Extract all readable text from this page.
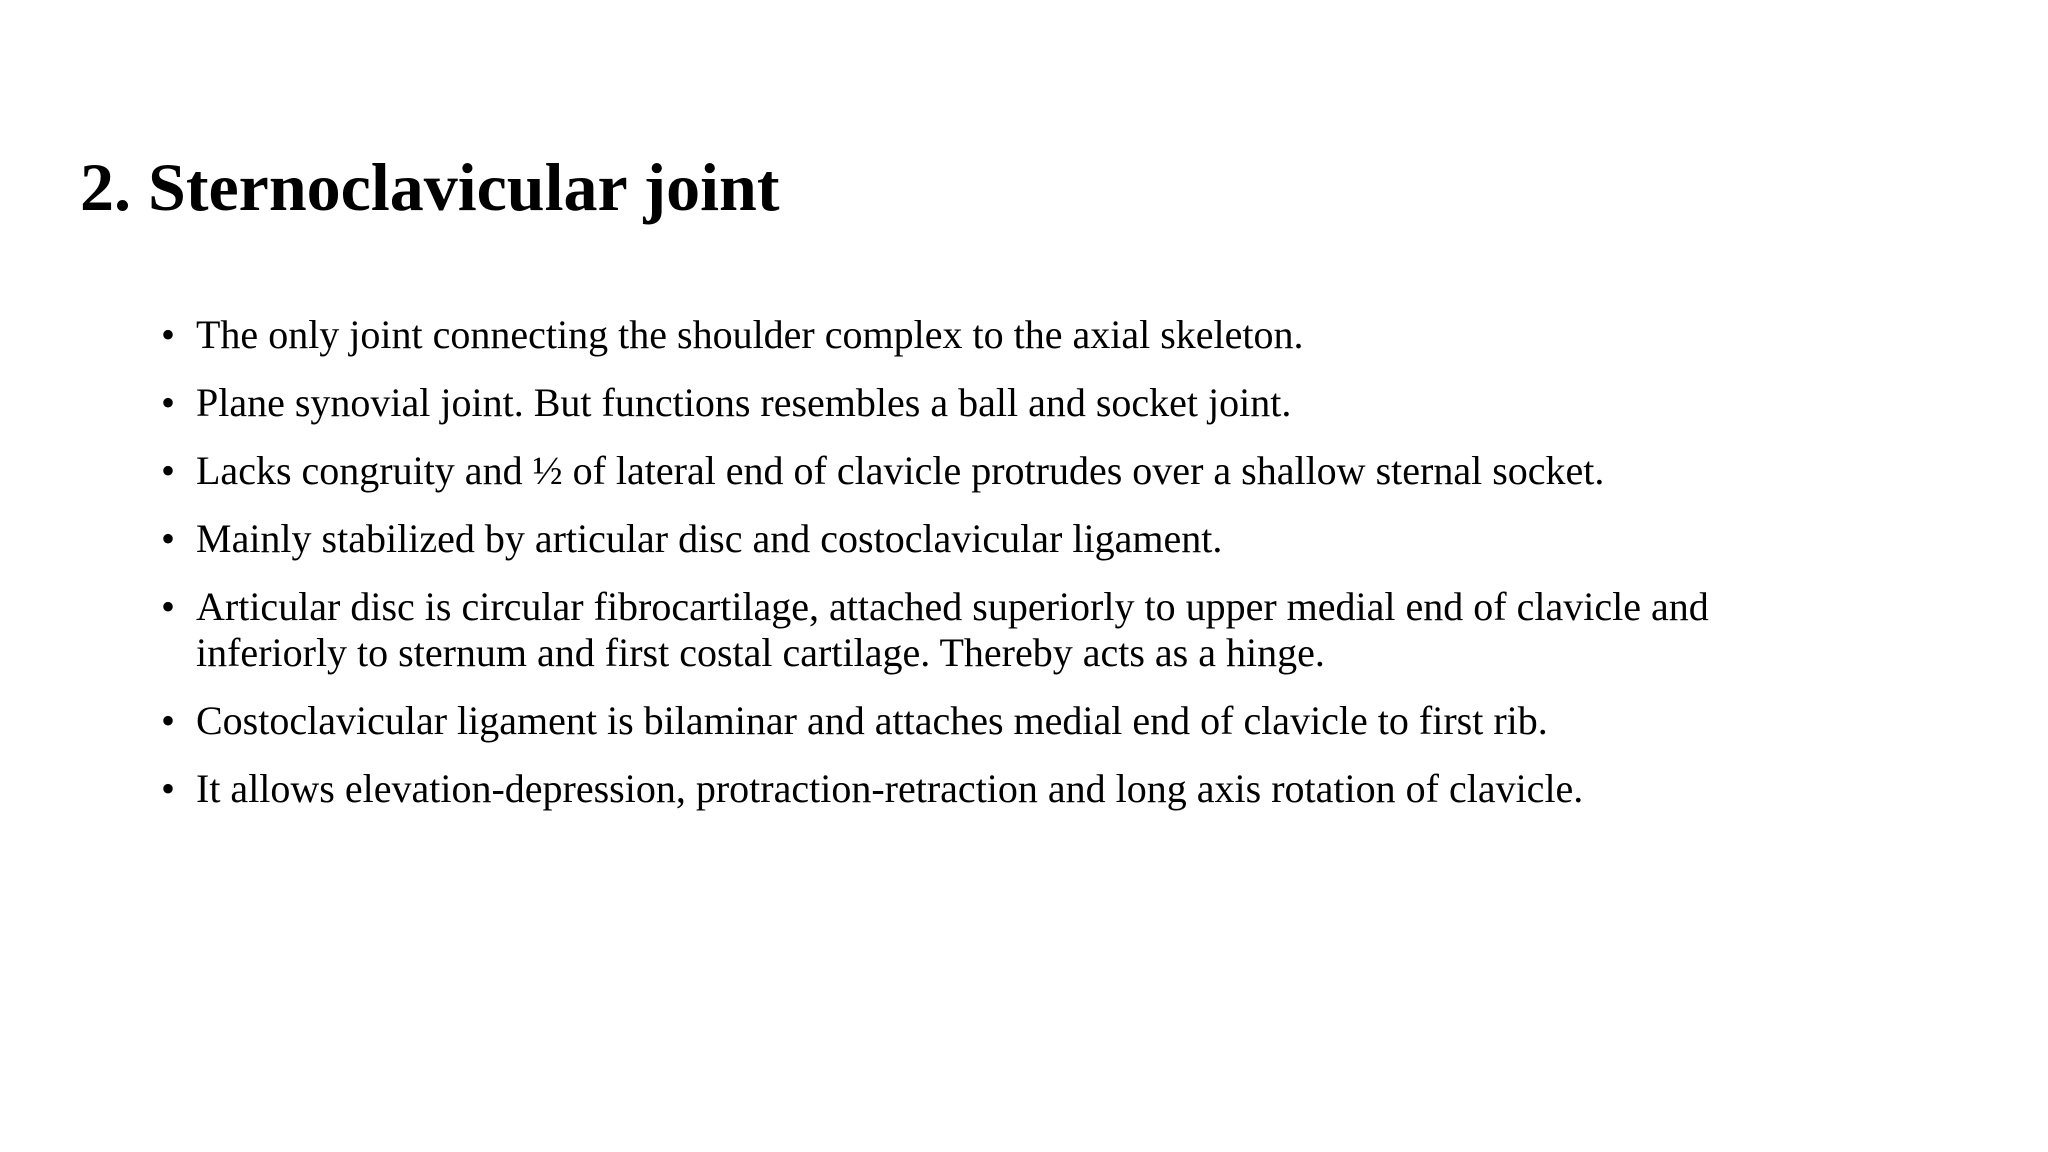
2. Sternoclavicular joint
• The only joint connecting the shoulder complex to the axial skeleton.
• Plane synovial joint. But functions resembles a ball and socket joint.
• Lacks congruity and ½ of lateral end of clavicle protrudes over a shallow sternal socket.
• Mainly stabilized by articular disc and costoclavicular ligament.
• Articular disc is circular fibrocartilage, attached superiorly to upper medial end of clavicle and inferiorly to sternum and first costal cartilage. Thereby acts as a hinge.
• Costoclavicular ligament is bilaminar and attaches medial end of clavicle to first rib.
• It allows elevation-depression, protraction-retraction and long axis rotation of clavicle.
